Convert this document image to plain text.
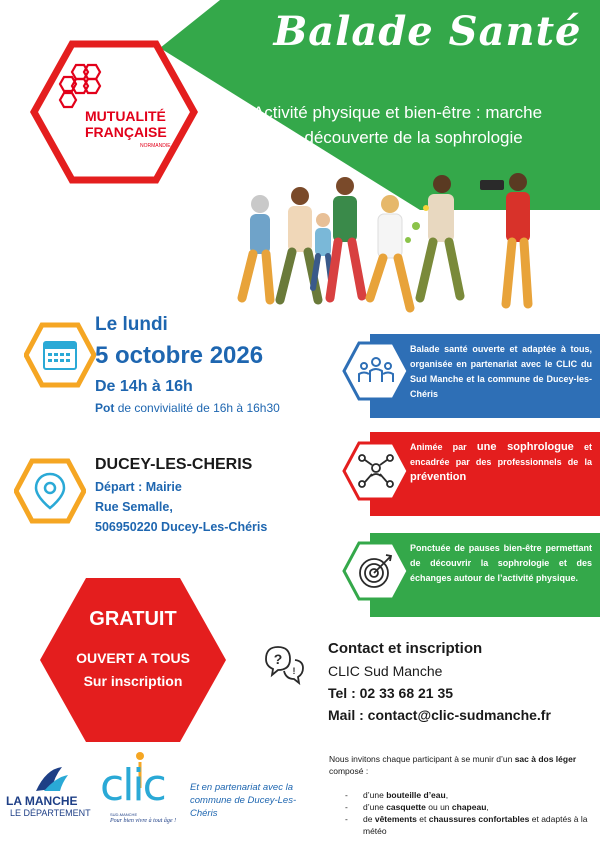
Balade Santé
Activité physique et bien-être : marche
à la découverte de la sophrologie
MUTUALITÉ
FRANÇAISE
NORMANDIE
Le lundi
5 octobre 2026
De 14h à 16h
Pot de convivialité de 16h à 16h30
DUCEY-LES-CHERIS
Départ : Mairie
Rue Semalle,
506950220 Ducey-Les-Chéris
Balade santé ouverte et adaptée à tous, organisée en partenariat avec le CLIC du Sud Manche et la commune de Ducey-les-Chéris
Animée par une sophrologue et encadrée par des professionnels de la prévention
Ponctuée de pauses bien-être permettant de découvrir la sophrologie et des échanges autour de l’activité physique.
GRATUIT
OUVERT A TOUS
Sur inscription
?
!
Contact et inscription
CLIC Sud Manche
Tel : 02 33 68 21 35
Mail : contact@clic-sudmanche.fr
LA MANCHE
LE DÉPARTEMENT
clic
SUD-MANCHE
Pour bien vivre à tout âge !
Et en partenariat avec la commune de Ducey-Les-Chéris
Nous invitons chaque participant à se munir d’un sac à dos léger composé :
- d’une bouteille d’eau,
- d’une casquette ou un chapeau,
- de vêtements et chaussures confortables et adaptés à la météo
